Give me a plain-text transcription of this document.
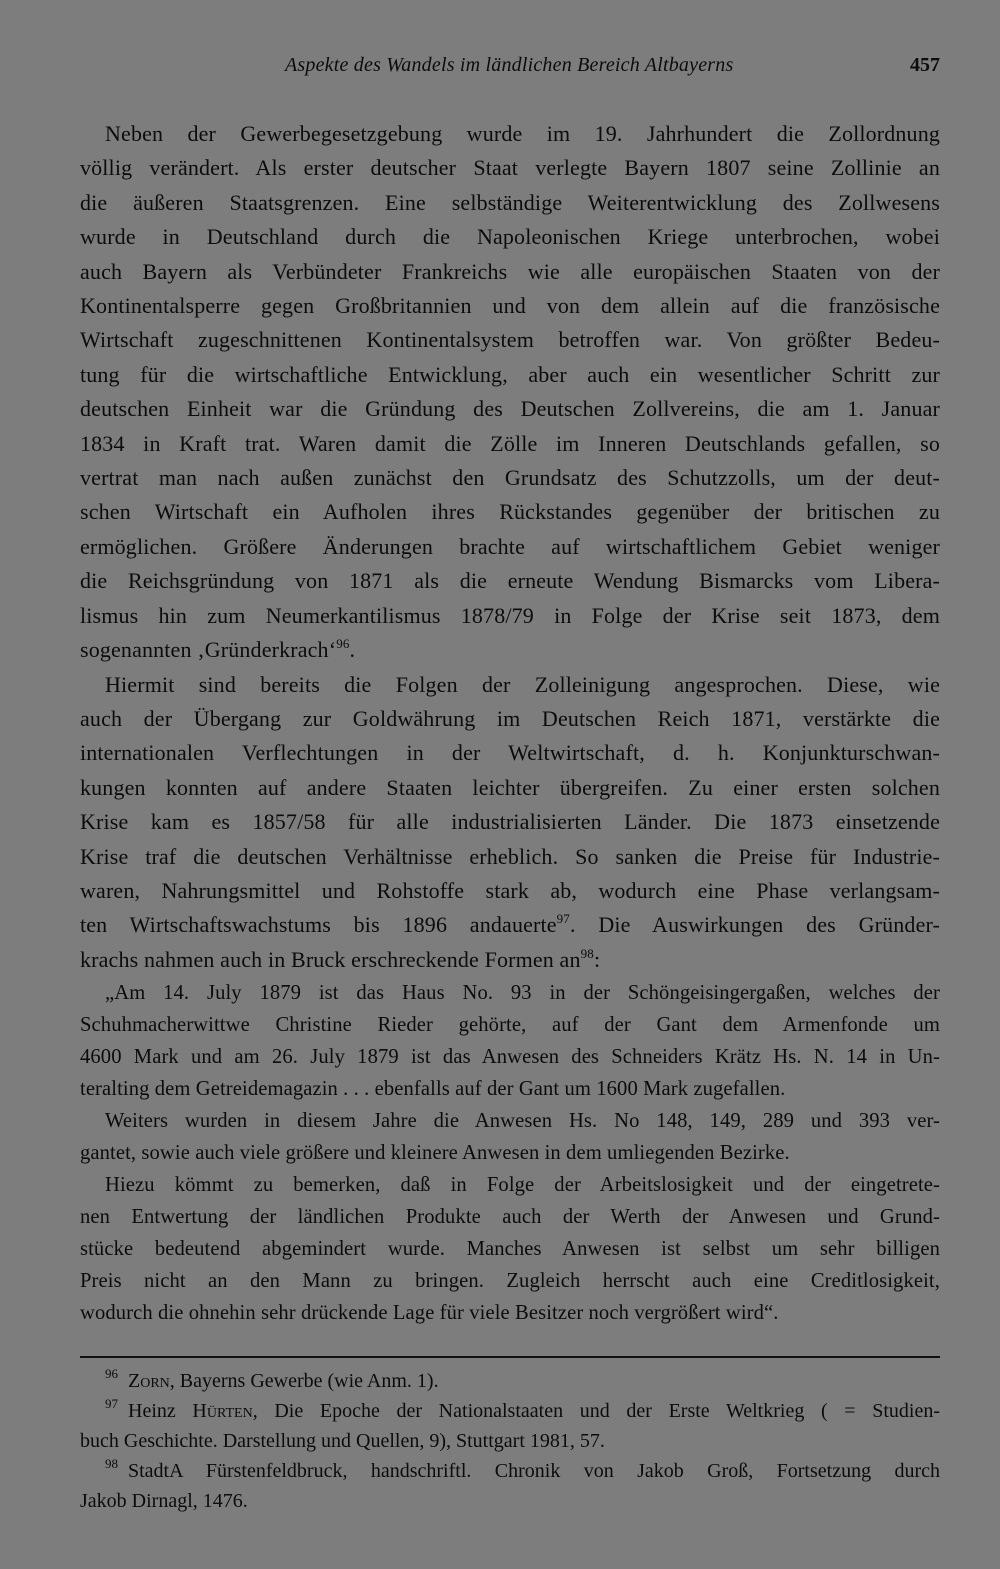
Aspekte des Wandels im ländlichen Bereich Altbayerns	457
Neben der Gewerbegesetzgebung wurde im 19. Jahrhundert die Zollordnung
völlig verändert. Als erster deutscher Staat verlegte Bayern 1807 seine Zollinie an
die äußeren Staatsgrenzen. Eine selbständige Weiterentwicklung des Zollwesens
wurde in Deutschland durch die Napoleonischen Kriege unterbrochen, wobei
auch Bayern als Verbündeter Frankreichs wie alle europäischen Staaten von der
Kontinentalsperre gegen Großbritannien und von dem allein auf die französische
Wirtschaft zugeschnittenen Kontinentalsystem betroffen war. Von größter Bedeu-
tung für die wirtschaftliche Entwicklung, aber auch ein wesentlicher Schritt zur
deutschen Einheit war die Gründung des Deutschen Zollvereins, die am 1. Januar
1834 in Kraft trat. Waren damit die Zölle im Inneren Deutschlands gefallen, so
vertrat man nach außen zunächst den Grundsatz des Schutzzolls, um der deut-
schen Wirtschaft ein Aufholen ihres Rückstandes gegenüber der britischen zu
ermöglichen. Größere Änderungen brachte auf wirtschaftlichem Gebiet weniger
die Reichsgründung von 1871 als die erneute Wendung Bismarcks vom Libera-
lismus hin zum Neumerkantilismus 1878/79 in Folge der Krise seit 1873, dem
sogenannten ‚Gründerkrach‘$^{96}$.
Hiermit sind bereits die Folgen der Zolleinigung angesprochen. Diese, wie
auch der Übergang zur Goldwährung im Deutschen Reich 1871, verstärkte die
internationalen Verflechtungen in der Weltwirtschaft, d. h. Konjunkturschwan-
kungen konnten auf andere Staaten leichter übergreifen. Zu einer ersten solchen
Krise kam es 1857/58 für alle industrialisierten Länder. Die 1873 einsetzende
Krise traf die deutschen Verhältnisse erheblich. So sanken die Preise für Industrie-
waren, Nahrungsmittel und Rohstoffe stark ab, wodurch eine Phase verlangsam-
ten Wirtschaftswachstums bis 1896 andauerte$^{97}$. Die Auswirkungen des Gründer-
krachs nahmen auch in Bruck erschreckende Formen $an^{98}$:
„Am 14. July 1879 ist das Haus No. 93 in der Schöngeisingergaßen, welches der
Schuhmacherwittwe Christine Rieder gehörte, auf der Gant dem Armenfonde um
4600 Mark und am 26. July 1879 ist das Anwesen des Schneiders Krätz Hs. N. 14 in Un-
teralting dem Getreidemagazin . . . ebenfalls auf der Gant um 1600 Mark zugefallen.
Weiters wurden in diesem Jahre die Anwesen Hs. No 148, 149, 289 und 393 ver-
gantet, sowie auch viele größere und kleinere Anwesen in dem umliegenden Bezirke.
Hiezu kömmt zu bemerken, daß in Folge der Arbeitslosigkeit und der eingetrete-
nen Entwertung der ländlichen Produkte auch der Werth der Anwesen und Grund-
stücke bedeutend abgemindert wurde. Manches Anwesen ist selbst um sehr billigen
Preis nicht an den Mann zu bringen. Zugleich herrscht auch eine Creditlosigkeit,
wodurch die ohnehin sehr drückende Lage für viele Besitzer noch vergrößert wird“.
$^{96}$ Zorn, Bayerns Gewerbe (wie Anm. 1).
$^{97}$ Heinz Hürten, Die Epoche der Nationalstaaten und der Erste Weltkrieg ( = Studien-
buch Geschichte. Darstellung und Quellen, 9), Stuttgart 1981, 57.
$^{98}$ StadtA Fürstenfeldbruck, handschriftl. Chronik von Jakob Groß, Fortsetzung durch
Jakob Dirnagl, 1476.
